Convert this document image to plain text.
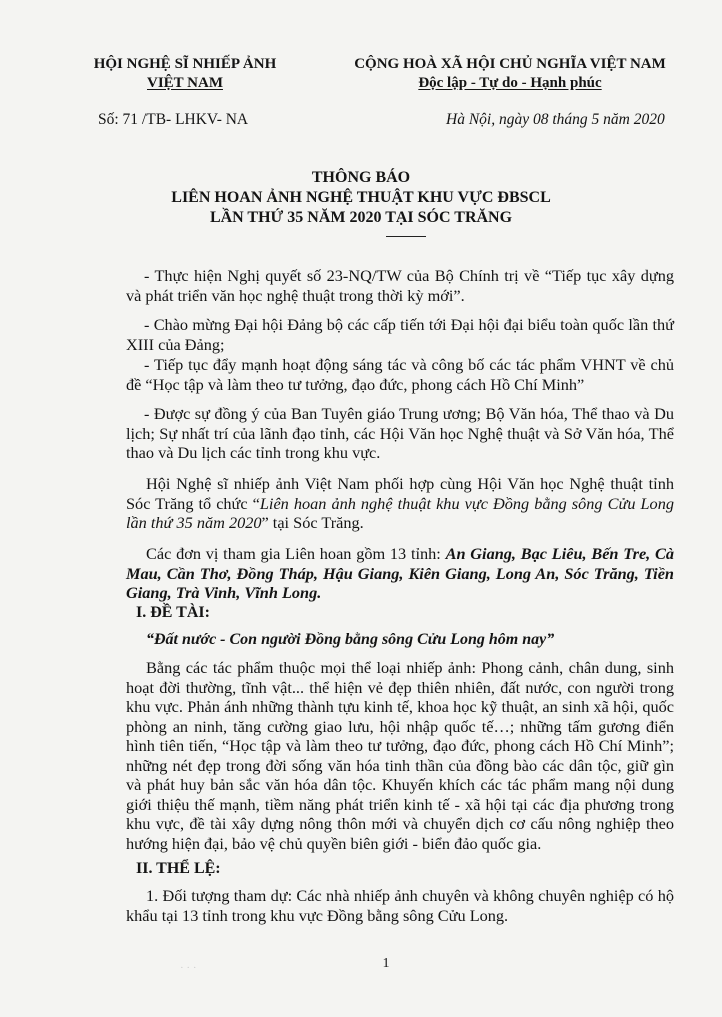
HỘI NGHỆ SĨ NHIẾP ẢNH
VIỆT NAM
CỘNG HOÀ XÃ HỘI CHỦ NGHĨA VIỆT NAM
Độc lập - Tự do - Hạnh phúc
Số: 71 /TB- LHKV- NA	Hà Nội, ngày 08 tháng 5 năm 2020
THÔNG BÁO
LIÊN HOAN ẢNH NGHỆ THUẬT KHU VỰC ĐBSCL
LẦN THỨ 35 NĂM 2020 TẠI SÓC TRĂNG
- Thực hiện Nghị quyết số 23-NQ/TW của Bộ Chính trị về “Tiếp tục xây dựng và phát triển văn học nghệ thuật trong thời kỳ mới”.
- Chào mừng Đại hội Đảng bộ các cấp tiến tới Đại hội đại biểu toàn quốc lần thứ XIII của Đảng;
- Tiếp tục đẩy mạnh hoạt động sáng tác và công bố các tác phẩm VHNT về chủ đề “Học tập và làm theo tư tưởng, đạo đức, phong cách Hồ Chí Minh”
- Được sự đồng ý của Ban Tuyên giáo Trung ương; Bộ Văn hóa, Thể thao và Du lịch; Sự nhất trí của lãnh đạo tỉnh, các Hội Văn học Nghệ thuật và Sở Văn hóa, Thể thao và Du lịch các tỉnh trong khu vực.
Hội Nghệ sĩ nhiếp ảnh Việt Nam phối hợp cùng Hội Văn học Nghệ thuật tỉnh Sóc Trăng tổ chức “Liên hoan ảnh nghệ thuật khu vực Đồng bằng sông Cửu Long lần thứ 35 năm 2020” tại Sóc Trăng.
Các đơn vị tham gia Liên hoan gồm 13 tỉnh: An Giang, Bạc Liêu, Bến Tre, Cà Mau, Cần Thơ, Đồng Tháp, Hậu Giang, Kiên Giang, Long An, Sóc Trăng, Tiền Giang, Trà Vinh, Vĩnh Long.
I. ĐỀ TÀI:
“Đất nước - Con người Đồng bằng sông Cửu Long hôm nay”
Bằng các tác phẩm thuộc mọi thể loại nhiếp ảnh: Phong cảnh, chân dung, sinh hoạt đời thường, tĩnh vật... thể hiện vẻ đẹp thiên nhiên, đất nước, con người trong khu vực. Phản ánh những thành tựu kinh tế, khoa học kỹ thuật, an sinh xã hội, quốc phòng an ninh, tăng cường giao lưu, hội nhập quốc tế…; những tấm gương điển hình tiên tiến, “Học tập và làm theo tư tưởng, đạo đức, phong cách Hồ Chí Minh”; những nét đẹp trong đời sống văn hóa tinh thần của đồng bào các dân tộc, giữ gìn và phát huy bản sắc văn hóa dân tộc. Khuyến khích các tác phẩm mang nội dung giới thiệu thế mạnh, tiềm năng phát triển kinh tế - xã hội tại các địa phương trong khu vực, đề tài xây dựng nông thôn mới và chuyển dịch cơ cấu nông nghiệp theo hướng hiện đại, bảo vệ chủ quyền biên giới - biển đảo quốc gia.
II. THỂ LỆ:
1. Đối tượng tham dự: Các nhà nhiếp ảnh chuyên và không chuyên nghiệp có hộ khẩu tại 13 tỉnh trong khu vực Đồng bằng sông Cửu Long.
· · ·	1
